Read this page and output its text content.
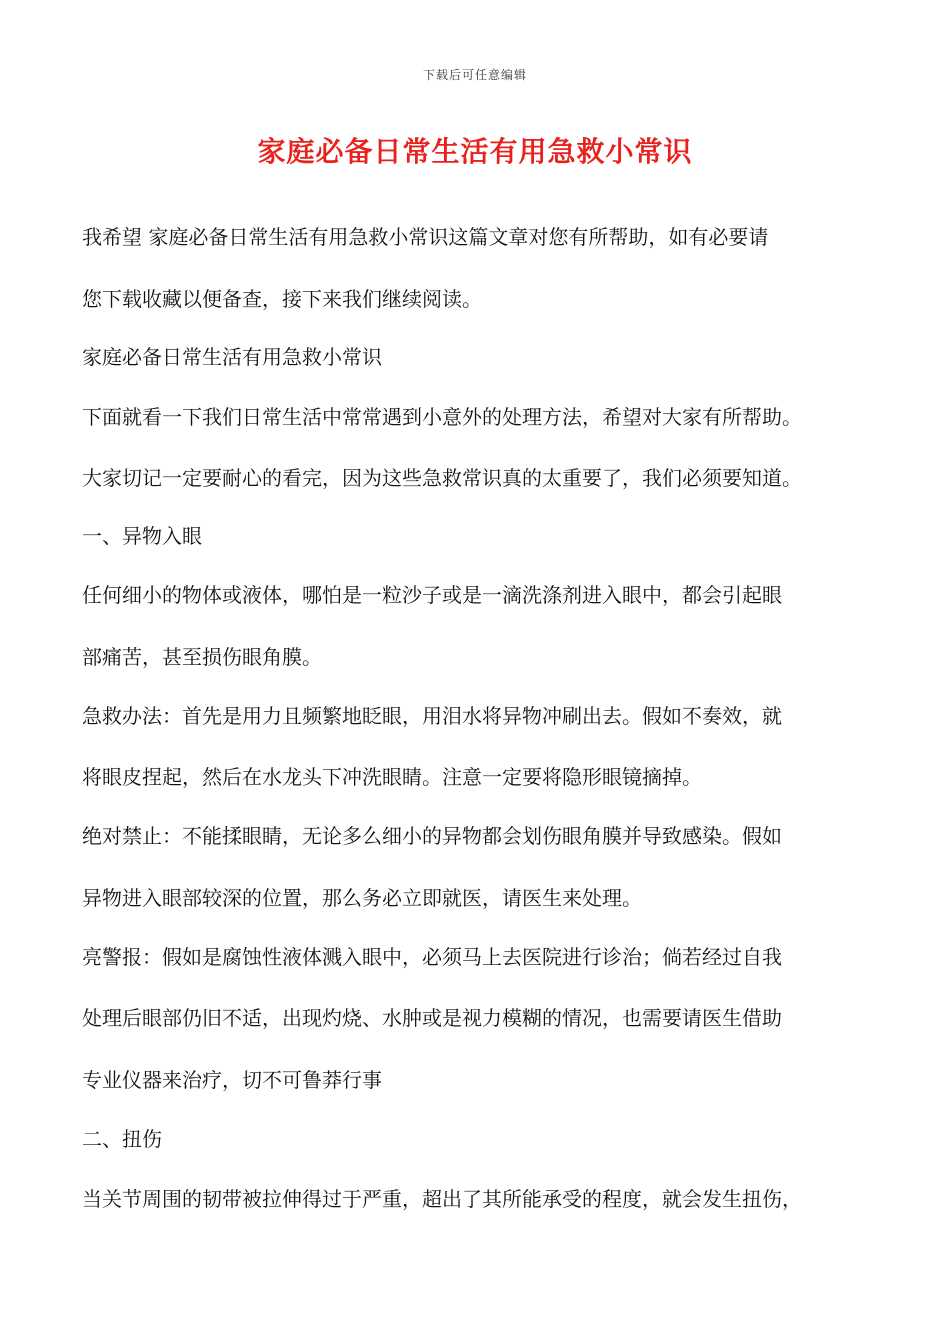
下载后可任意编辑
家庭必备日常生活有用急救小常识
我希望 家庭必备日常生活有用急救小常识这篇文章对您有所帮助，如有必要请
您下载收藏以便备查，接下来我们继续阅读。
家庭必备日常生活有用急救小常识
下面就看一下我们日常生活中常常遇到小意外的处理方法，希望对大家有所帮助。
大家切记一定要耐心的看完，因为这些急救常识真的太重要了，我们必须要知道。
一、异物入眼
任何细小的物体或液体，哪怕是一粒沙子或是一滴洗涤剂进入眼中，都会引起眼
部痛苦，甚至损伤眼角膜。
急救办法：首先是用力且频繁地眨眼，用泪水将异物冲刷出去。假如不奏效，就
将眼皮捏起，然后在水龙头下冲洗眼睛。注意一定要将隐形眼镜摘掉。
绝对禁止：不能揉眼睛，无论多么细小的异物都会划伤眼角膜并导致感染。假如
异物进入眼部较深的位置，那么务必立即就医，请医生来处理。
亮警报：假如是腐蚀性液体溅入眼中，必须马上去医院进行诊治；倘若经过自我
处理后眼部仍旧不适，出现灼烧、水肿或是视力模糊的情况，也需要请医生借助
专业仪器来治疗，切不可鲁莽行事
二、扭伤
当关节周围的韧带被拉伸得过于严重，超出了其所能承受的程度，就会发生扭伤，
